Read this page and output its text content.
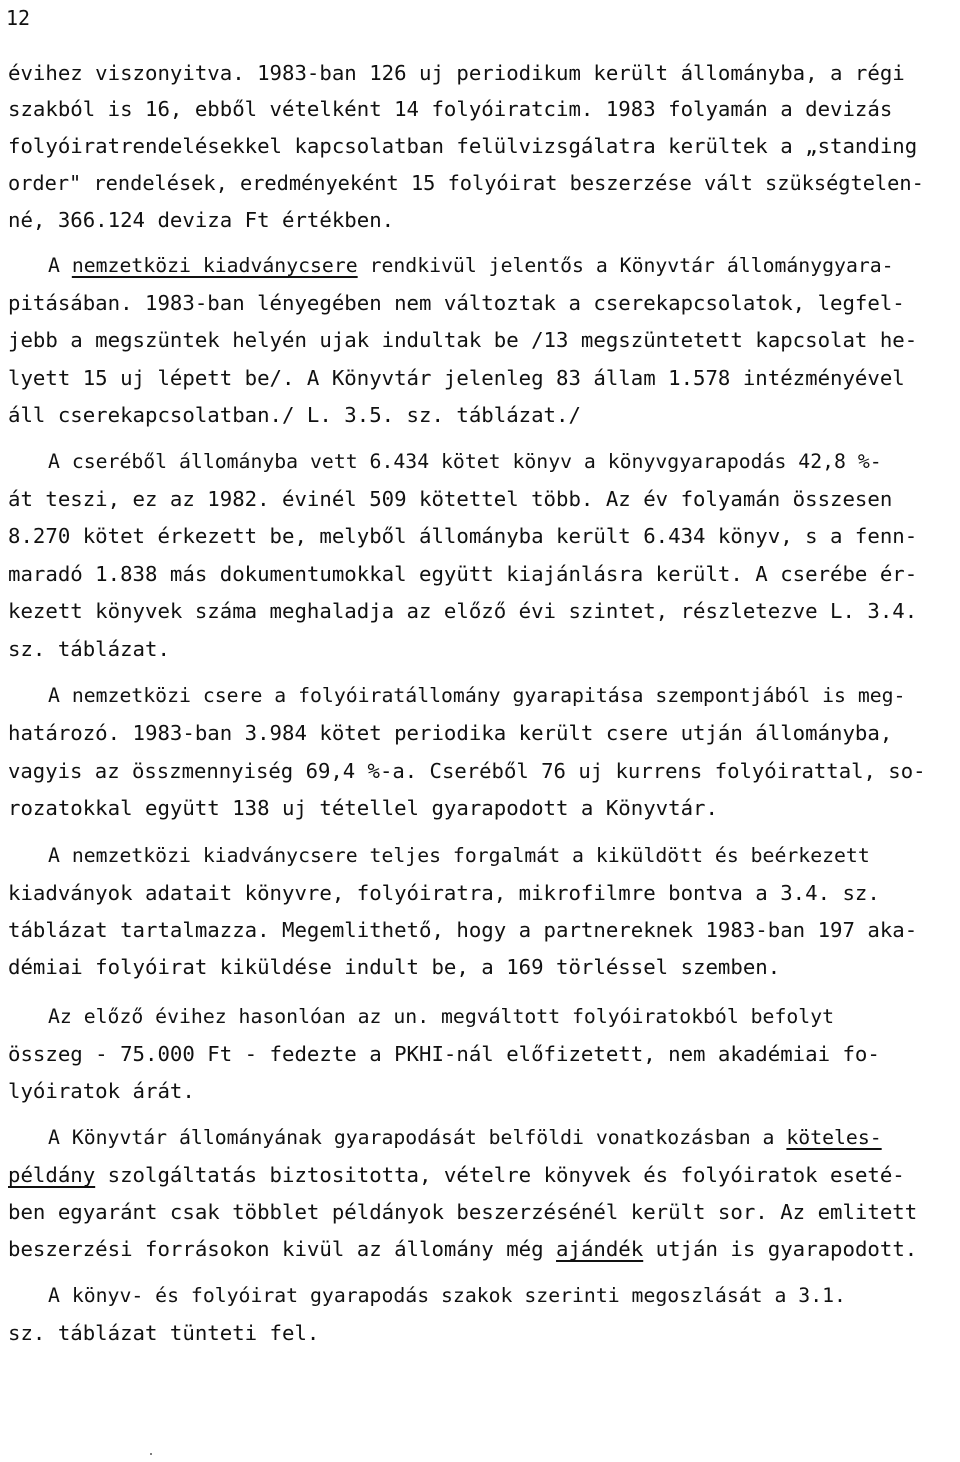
12
évihez viszonyitva. 1983-ban 126 uj periodikum került állományba, a régi
szakból is 16, ebből vételként 14 folyóiratcim. 1983 folyamán a devizás
folyóiratrendelésekkel kapcsolatban felülvizsgálatra kerültek a „standing
order" rendelések, eredményeként 15 folyóirat beszerzése vált szükségtelen-
né, 366.124 deviza Ft értékben.
A nemzetközi kiadványcsere rendkivül jelentős a Könyvtár állománygyara-
pitásában. 1983-ban lényegében nem változtak a cserekapcsolatok, legfel-
jebb a megszüntek helyén ujak indultak be /13 megszüntetett kapcsolat he-
lyett 15 uj lépett be/. A Könyvtár jelenleg 83 állam 1.578 intézményével
áll cserekapcsolatban./ L. 3.5. sz. táblázat./
A cseréből állományba vett 6.434 kötet könyv a könyvgyarapodás 42,8 %-
át teszi, ez az 1982. évinél 509 kötettel több. Az év folyamán összesen
8.270 kötet érkezett be, melyből állományba került 6.434 könyv, s a fenn-
maradó 1.838 más dokumentumokkal együtt kiajánlásra került. A cserébe ér-
kezett könyvek száma meghaladja az előző évi szintet, részletezve L. 3.4.
sz. táblázat.
A nemzetközi csere a folyóiratállomány gyarapitása szempontjából is meg-
határozó. 1983-ban 3.984 kötet periodika került csere utján állományba,
vagyis az összmennyiség 69,4 %-a. Cseréből 76 uj kurrens folyóirattal, so-
rozatokkal együtt 138 uj tétellel gyarapodott a Könyvtár.
A nemzetközi kiadványcsere teljes forgalmát a kiküldött és beérkezett
kiadványok adatait könyvre, folyóiratra, mikrofilmre bontva a 3.4. sz.
táblázat tartalmazza. Megemlithető, hogy a partnereknek 1983-ban 197 aka-
démiai folyóirat kiküldése indult be, a 169 törléssel szemben.
Az előző évihez hasonlóan az un. megváltott folyóiratokból befolyt
összeg - 75.000 Ft - fedezte a PKHI-nál előfizetett, nem akadémiai fo-
lyóiratok árát.
A Könyvtár állományának gyarapodását belföldi vonatkozásban a köteles-
példány szolgáltatás biztositotta, vételre könyvek és folyóiratok eseté-
ben egyaránt csak többlet példányok beszerzésénél került sor. Az emlitett
beszerzési forrásokon kivül az állomány még ajándék utján is gyarapodott.
A könyv- és folyóirat gyarapodás szakok szerinti megoszlását a 3.1.
sz. táblázat tünteti fel.
